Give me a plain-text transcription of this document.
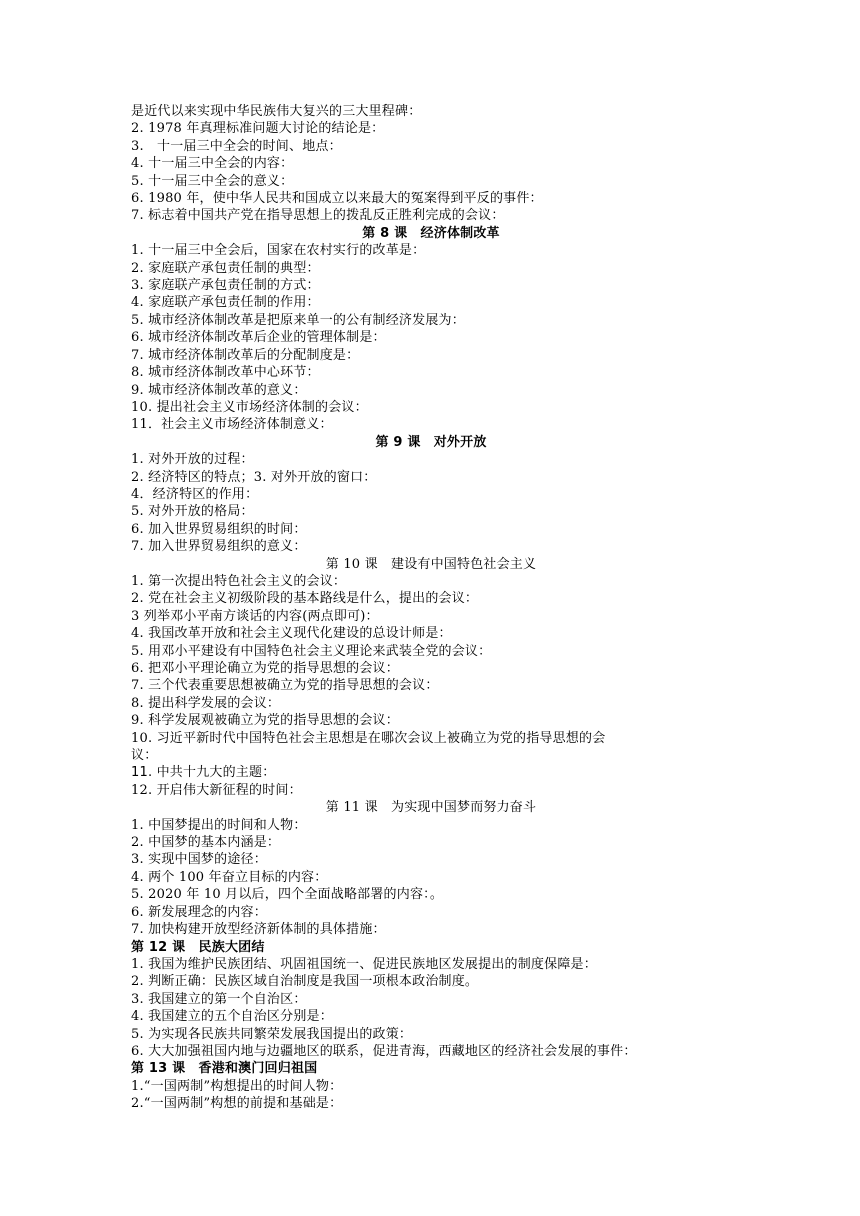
是近代以来实现中华民族伟大复兴的三大里程碑：
2. 1978 年真理标准问题大讨论的结论是：
3.　十一届三中全会的时间、地点：
4. 十一届三中全会的内容：
5. 十一届三中全会的意义：
6. 1980 年，使中华人民共和国成立以来最大的冤案得到平反的事件：
7. 标志着中国共产党在指导思想上的拨乱反正胜利完成的会议：
第 8 课　经济体制改革
1. 十一届三中全会后，国家在农村实行的改革是：
2. 家庭联产承包责任制的典型：
3. 家庭联产承包责任制的方式：
4. 家庭联产承包责任制的作用：
5. 城市经济体制改革是把原来单一的公有制经济发展为：
6. 城市经济体制改革后企业的管理体制是：
7. 城市经济体制改革后的分配制度是：
8. 城市经济体制改革中心环节：
9. 城市经济体制改革的意义：
10. 提出社会主义市场经济体制的会议：
11．社会主义市场经济体制意义：
第 9 课　对外开放
1. 对外开放的过程：
2. 经济特区的特点；3. 对外开放的窗口：
4．经济特区的作用：
5. 对外开放的格局：
6. 加入世界贸易组织的时间：
7. 加入世界贸易组织的意义：
第 10 课　建设有中国特色社会主义
1. 第一次提出特色社会主义的会议：
2. 党在社会主义初级阶段的基本路线是什么，提出的会议：
3 列举邓小平南方谈话的内容(两点即可)：
4. 我国改革开放和社会主义现代化建设的总设计师是：
5. 用邓小平建设有中国特色社会主义理论来武装全党的会议：
6. 把邓小平理论确立为党的指导思想的会议：
7. 三个代表重要思想被确立为党的指导思想的会议：
8. 提出科学发展的会议：
9. 科学发展观被确立为党的指导思想的会议：
10. 习近平新时代中国特色社会主思想是在哪次会议上被确立为党的指导思想的会
议：
11. 中共十九大的主题：
12. 开启伟大新征程的时间：
第 11 课　为实现中国梦而努力奋斗
1. 中国梦提出的时间和人物：
2. 中国梦的基本内涵是：
3. 实现中国梦的途径：
4. 两个 100 年奋立目标的内容：
5. 2020 年 10 月以后，四个全面战略部署的内容：。
6. 新发展理念的内容：
7. 加快构建开放型经济新体制的具体措施：
第 12 课　民族大团结
1. 我国为维护民族团结、巩固祖国统一、促进民族地区发展提出的制度保障是：
2. 判断正确：民族区域自治制度是我国一项根本政治制度。
3. 我国建立的第一个自治区：
4. 我国建立的五个自治区分别是：
5. 为实现各民族共同繁荣发展我国提出的政策：
6. 大大加强祖国内地与边疆地区的联系，促进青海，西藏地区的经济社会发展的事件：
第 13 课　香港和澳门回归祖国
1.“一国两制”构想提出的时间人物：
2.“一国两制”构想的前提和基础是：
